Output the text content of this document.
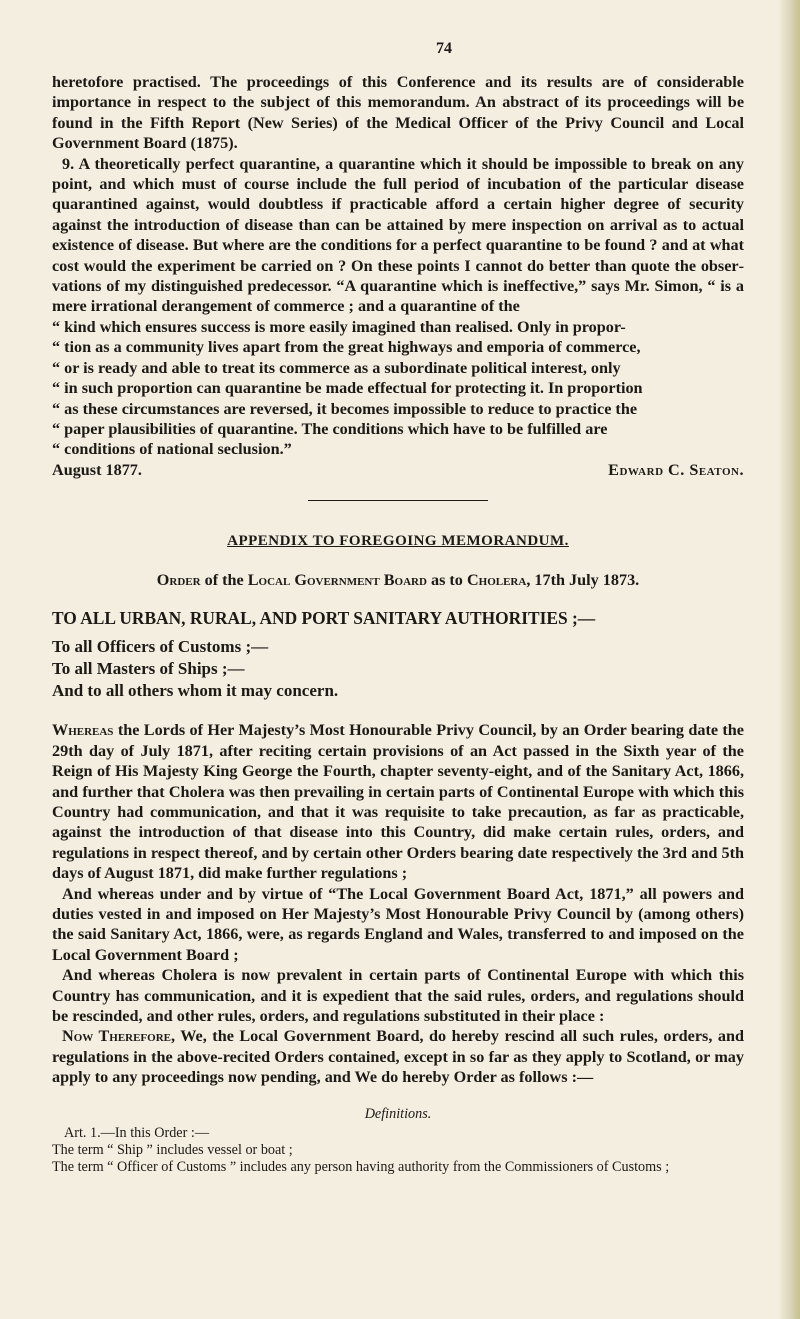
74

heretofore practised. The proceedings of this Conference and its results are of considerable importance in respect to the subject of this memorandum. An abstract of its proceedings will be found in the Fifth Report (New Series) of the Medical Officer of the Privy Council and Local Government Board (1875).

9. A theoretically perfect quarantine, a quarantine which it should be impossible to break on any point, and which must of course include the full period of incubation of the particular disease quarantined against, would doubtless if practicable afford a certain higher degree of security against the introduction of disease than can be attained by mere inspection on arrival as to actual existence of disease. But where are the conditions for a perfect quarantine to be found ? and at what cost would the experiment be carried on ? On these points I cannot do better than quote the observations of my distinguished predecessor. “A quarantine which is ineffective,” says Mr. Simon, “ is a mere irrational derangement of commerce ; and a quarantine of the

“ kind which ensures success is more easily imagined than realised. Only in propor-

“ tion as a community lives apart from the great highways and emporia of commerce,

“ or is ready and able to treat its commerce as a subordinate political interest, only

“ in such proportion can quarantine be made effectual for protecting it. In proportion

“ as these circumstances are reversed, it becomes impossible to reduce to practice the

“ paper plausibilities of quarantine. The conditions which have to be fulfilled are

“ conditions of national seclusion.”

August 1877.	Edward C. Seaton.
APPENDIX TO FOREGOING MEMORANDUM.
Order of the Local Government Board as to Cholera, 17th July 1873.
TO ALL URBAN, RURAL, AND PORT SANITARY AUTHORITIES ;—
To all Officers of Customs ;—
To all Masters of Ships ;—
And to all others whom it may concern.

Whereas the Lords of Her Majesty’s Most Honourable Privy Council, by an Order bearing date the 29th day of July 1871, after reciting certain provisions of an Act passed in the Sixth year of the Reign of His Majesty King George the Fourth, chapter seventy-eight, and of the Sanitary Act, 1866, and further that Cholera was then prevailing in certain parts of Continental Europe with which this Country had communication, and that it was requisite to take precaution, as far as practicable, against the introduction of that disease into this Country, did make certain rules, orders, and regulations in respect thereof, and by certain other Orders bearing date respectively the 3rd and 5th days of August 1871, did make further regulations ;

And whereas under and by virtue of “The Local Government Board Act, 1871,” all powers and duties vested in and imposed on Her Majesty’s Most Honourable Privy Council by (among others) the said Sanitary Act, 1866, were, as regards England and Wales, transferred to and imposed on the Local Government Board ;

And whereas Cholera is now prevalent in certain parts of Continental Europe with which this Country has communication, and it is expedient that the said rules, orders, and regulations should be rescinded, and other rules, orders, and regulations substituted in their place :

Now Therefore, We, the Local Government Board, do hereby rescind all such rules, orders, and regulations in the above-recited Orders contained, except in so far as they apply to Scotland, or may apply to any proceedings now pending, and We do hereby Order as follows :—

Definitions.

Art. 1.—In this Order :—

The term “ Ship ” includes vessel or boat ;

The term “ Officer of Customs ” includes any person having authority from the Commissioners of Customs ;
